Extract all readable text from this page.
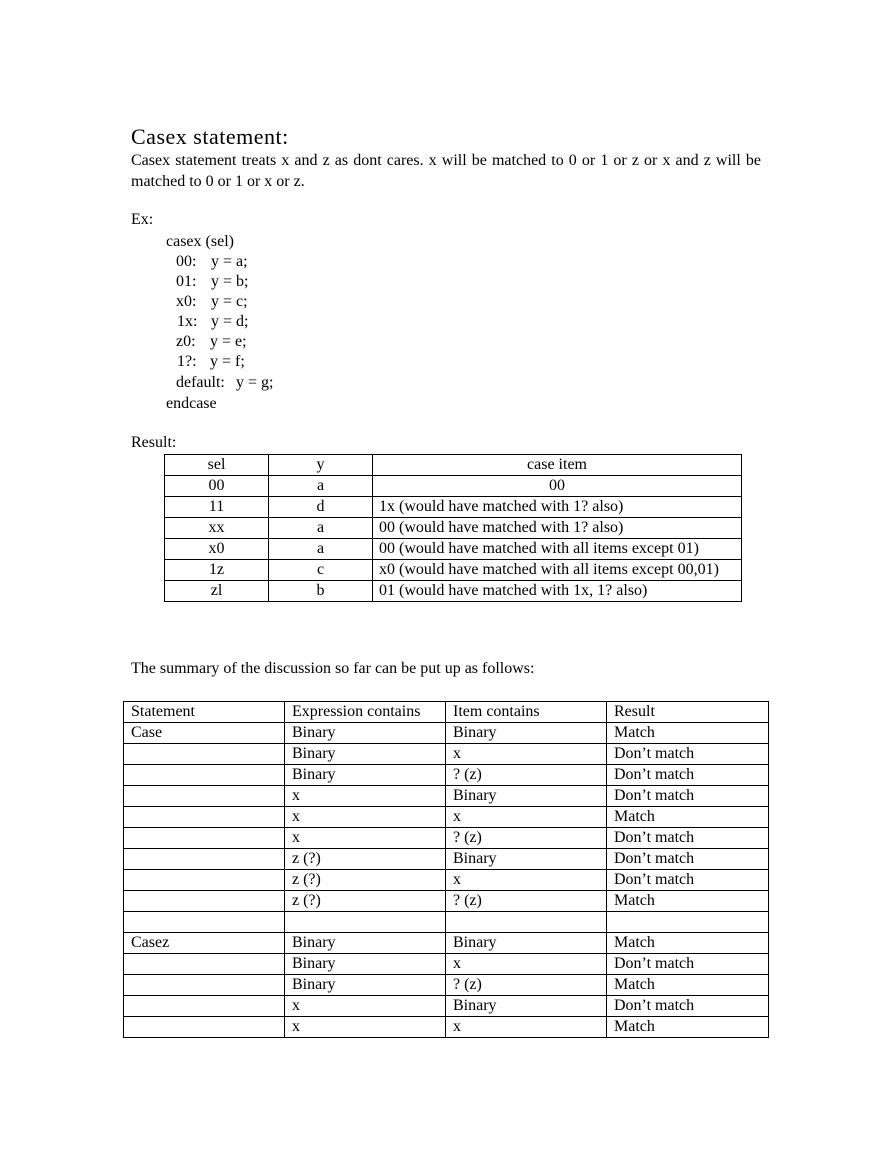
Casex statement:
Casex statement treats x and z as dont cares. x will be matched to 0 or 1 or z or x and z will be matched to 0 or 1 or x or z.
Ex:
casex (sel)
00: y = a;
01: y = b;
x0: y = c;
1x: y = d;
z0: y = e;
1?: y = f;
default: y = g;
endcase
Result:
sel	y	case item
00	a	00
11	d	1x (would have matched with 1? also)
xx	a	00 (would have matched with 1? also)
x0	a	00 (would have matched with all items except 01)
1z	c	x0 (would have matched with all items except 00,01)
zl	b	01 (would have matched with 1x, 1? also)
The summary of the discussion so far can be put up as follows:
Statement	Expression contains	Item contains	Result
Case	Binary	Binary	Match
	Binary	x	Don’t match
	Binary	? (z)	Don’t match
	x	Binary	Don’t match
	x	x	Match
	x	? (z)	Don’t match
	z (?)	Binary	Don’t match
	z (?)	x	Don’t match
	z (?)	? (z)	Match

Casez	Binary	Binary	Match
	Binary	x	Don’t match
	Binary	? (z)	Match
	x	Binary	Don’t match
	x	x	Match
